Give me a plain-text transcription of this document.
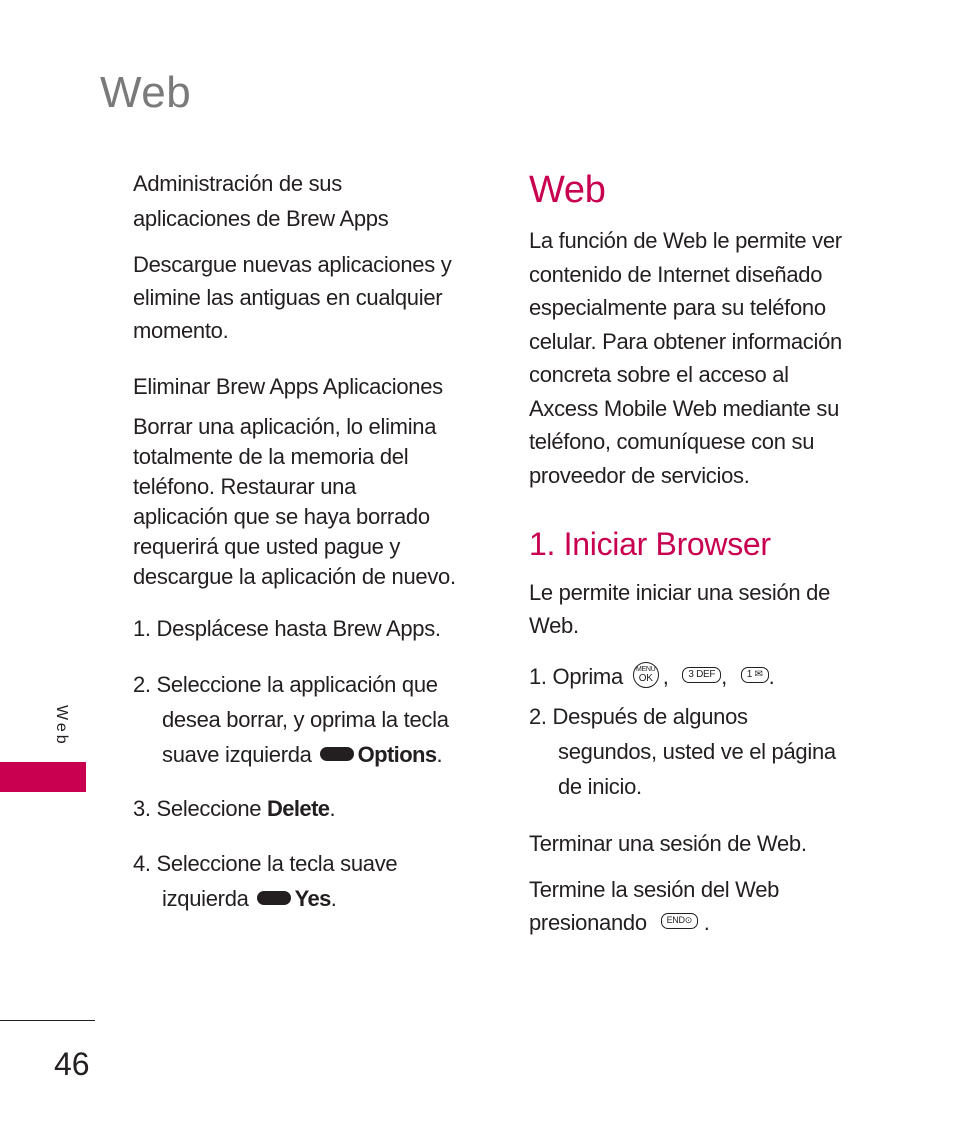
Web
Administración de sus
aplicaciones de Brew Apps
Descargue nuevas aplicaciones y
elimine las antiguas en cualquier
momento.
Eliminar Brew Apps Aplicaciones
Borrar una aplicación, lo elimina
totalmente de la memoria del
teléfono. Restaurar una
aplicación que se haya borrado
requerirá que usted pague y
descargue la aplicación de nuevo.
1. Desplácese hasta Brew Apps.
2. Seleccione la applicación que
desea borrar, y oprima la tecla
suave izquierda Options.
3. Seleccione Delete.
4. Seleccione la tecla suave
izquierda Yes.
Web
La función de Web le permite ver
contenido de Internet diseñado
especialmente para su teléfono
celular. Para obtener información
concreta sobre el acceso al
Axcess Mobile Web mediante su
teléfono, comuníquese con su
proveedor de servicios.
1. Iniciar Browser
Le permite iniciar una sesión de
Web.
1. Oprima	MENU
OK , 3 DEF , 1 ✉ .
2. Después de algunos
segundos, usted ve el página
de inicio.
Terminar una sesión de Web.
Termine la sesión del Web
presionando END⊙ .
Web
46
